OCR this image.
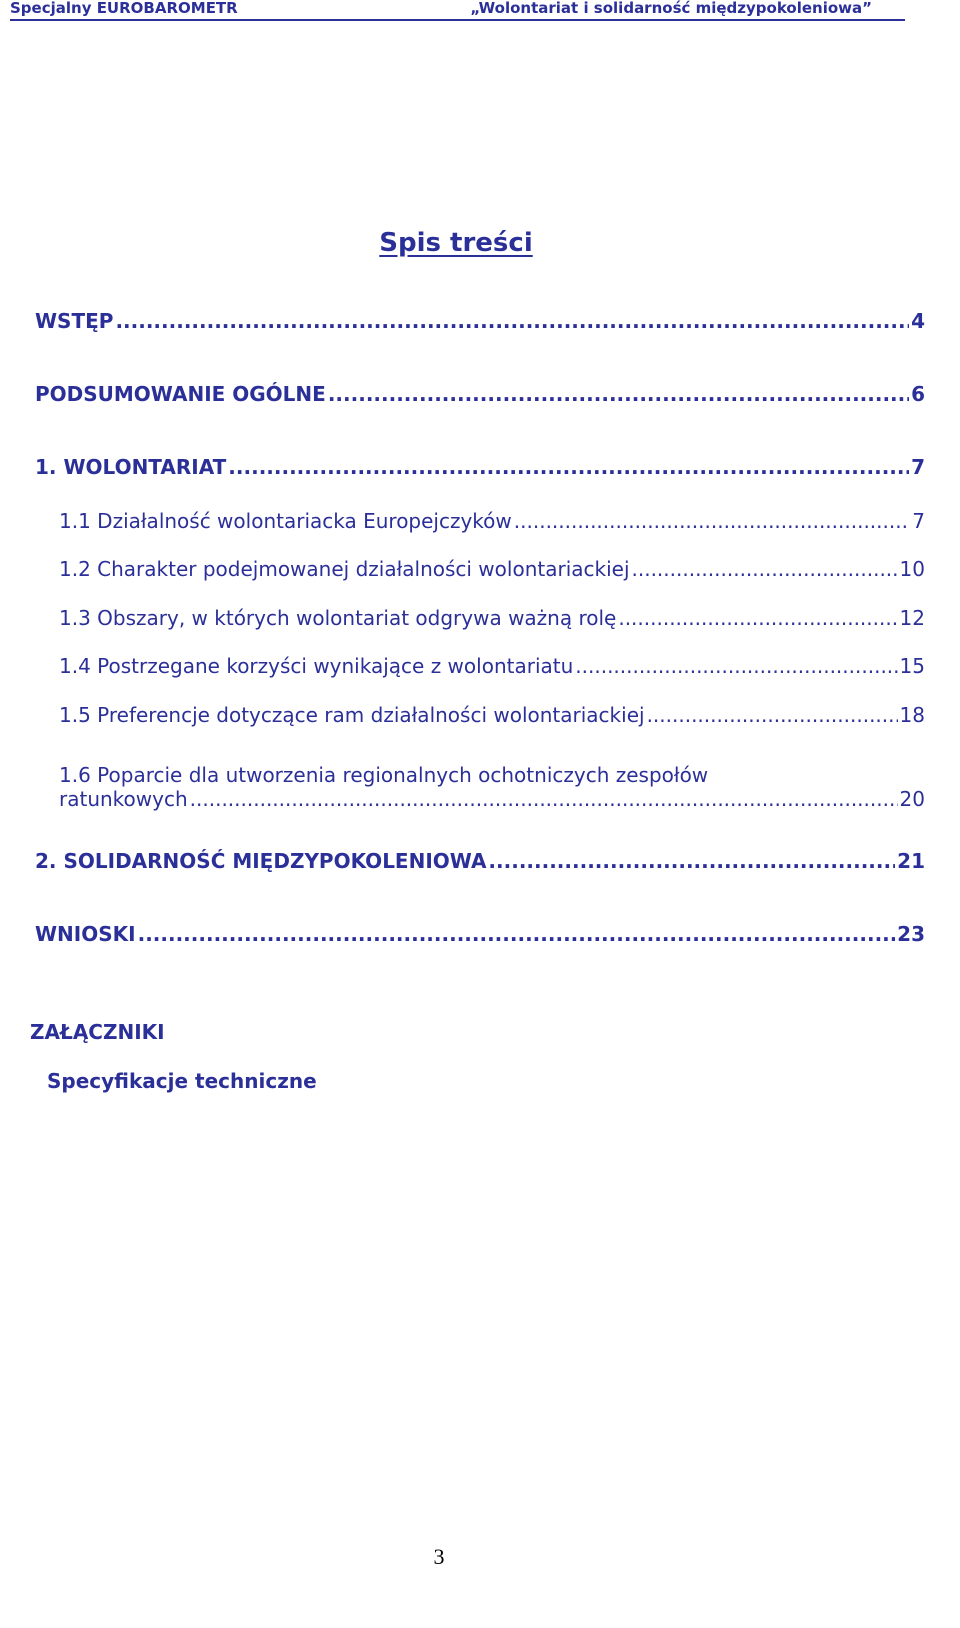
Specjalny EUROBAROMETR	„Wolontariat i solidarność międzypokoleniowa”
Spis treści
WSTĘP .....	4
PODSUMOWANIE OGÓLNE .....	6
1. WOLONTARIAT .....	7
1.1 Działalność wolontariacka Europejczyków .....	7
1.2 Charakter podejmowanej działalności wolontariackiej .....	10
1.3 Obszary, w których wolontariat odgrywa ważną rolę .....	12
1.4 Postrzegane korzyści wynikające z wolontariatu .....	15
1.5 Preferencje dotyczące ram działalności wolontariackiej .....	18
1.6 Poparcie dla utworzenia regionalnych ochotniczych zespołów
ratunkowych .....	20
2. SOLIDARNOŚĆ MIĘDZYPOKOLENIOWA .....	21
WNIOSKI .....	23
ZAŁĄCZNIKI
Specyfikacje techniczne
3
